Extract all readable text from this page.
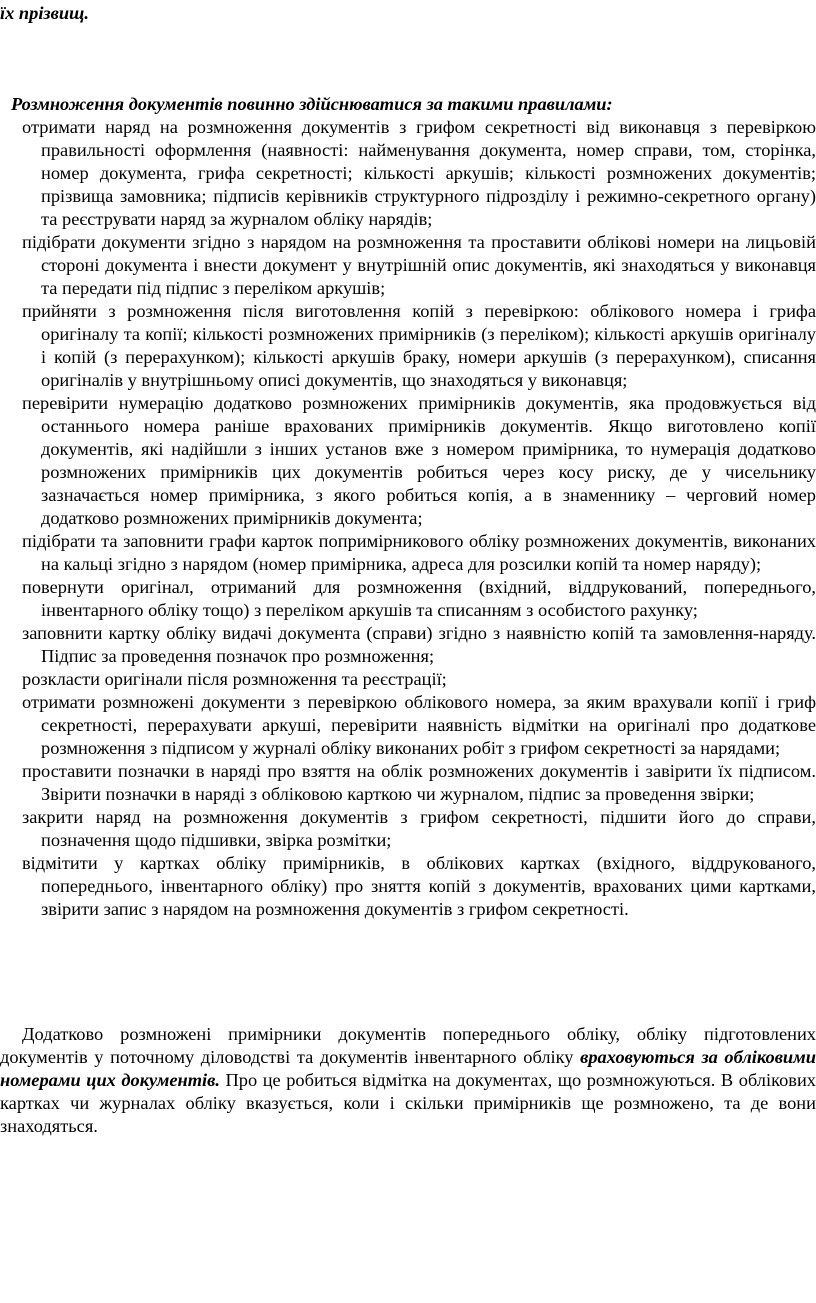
їх прізвищ.
Розмноження документів повинно здійснюватися за такими правилами:
отримати наряд на розмноження документів з грифом секретності від виконавця з перевіркою правильності оформлення (наявності: найменування документа, номер справи, том, сторінка, номер документа, грифа секретності; кількості аркушів; кількості розмножених документів; прізвища замовника; підписів керівників структурного підрозділу і режимно-секретного органу) та реєструвати наряд за журналом обліку нарядів;
підібрати документи згідно з нарядом на розмноження та проставити облікові номери на лицьовій стороні документа і внести документ у внутрішній опис документів, які знаходяться у виконавця та передати під підпис з переліком аркушів;
прийняти з розмноження після виготовлення копій з перевіркою: облікового номера і грифа оригіналу та копії; кількості розмножених примірників (з переліком); кількості аркушів оригіналу і копій (з перерахунком); кількості аркушів браку, номери аркушів (з перерахунком), списання оригіналів у внутрішньому описі документів, що знаходяться у виконавця;
перевірити нумерацію додатково розмножених примірників документів, яка продовжується від останнього номера раніше врахованих примірників документів. Якщо виготовлено копії документів, які надійшли з інших установ вже з номером примірника, то нумерація додатково розмножених примірників цих документів робиться через косу риску, де у чисельнику зазначається номер примірника, з якого робиться копія, а в знаменнику – черговий номер додатково розмножених примірників документа;
підібрати та заповнити графи карток попримірникового обліку розмножених документів, виконаних на кальці згідно з нарядом (номер примірника, адреса для розсилки копій та номер наряду);
повернути оригінал, отриманий для розмноження (вхідний, віддрукований, попереднього, інвентарного обліку тощо) з переліком аркушів та списанням з особистого рахунку;
заповнити картку обліку видачі документа (справи) згідно з наявністю копій та замовлення-наряду. Підпис за проведення позначок про розмноження;
розкласти оригінали після розмноження та реєстрації;
отримати розмножені документи з перевіркою облікового номера, за яким врахували копії і гриф секретності, перерахувати аркуші, перевірити наявність відмітки на оригіналі про додаткове розмноження з підписом у журналі обліку виконаних робіт з грифом секретності за нарядами;
проставити позначки в наряді про взяття на облік розмножених документів і завірити їх підписом. Звірити позначки в наряді з обліковою карткою чи журналом, підпис за проведення звірки;
закрити наряд на розмноження документів з грифом секретності, підшити його до справи, позначення щодо підшивки, звірка розмітки;
відмітити у картках обліку примірників, в облікових картках (вхідного, віддрукованого, попереднього, інвентарного обліку) про зняття копій з документів, врахованих цими картками, звірити запис з нарядом на розмноження документів з грифом секретності.

Додатково розмножені примірники документів попереднього обліку, обліку підготовлених документів у поточному діловодстві та документів інвентарного обліку враховуються за обліковими номерами цих документів. Про це робиться відмітка на документах, що розмножуються. В облікових картках чи журналах обліку вказується, коли і скільки примірників ще розмножено, та де вони знаходяться.
